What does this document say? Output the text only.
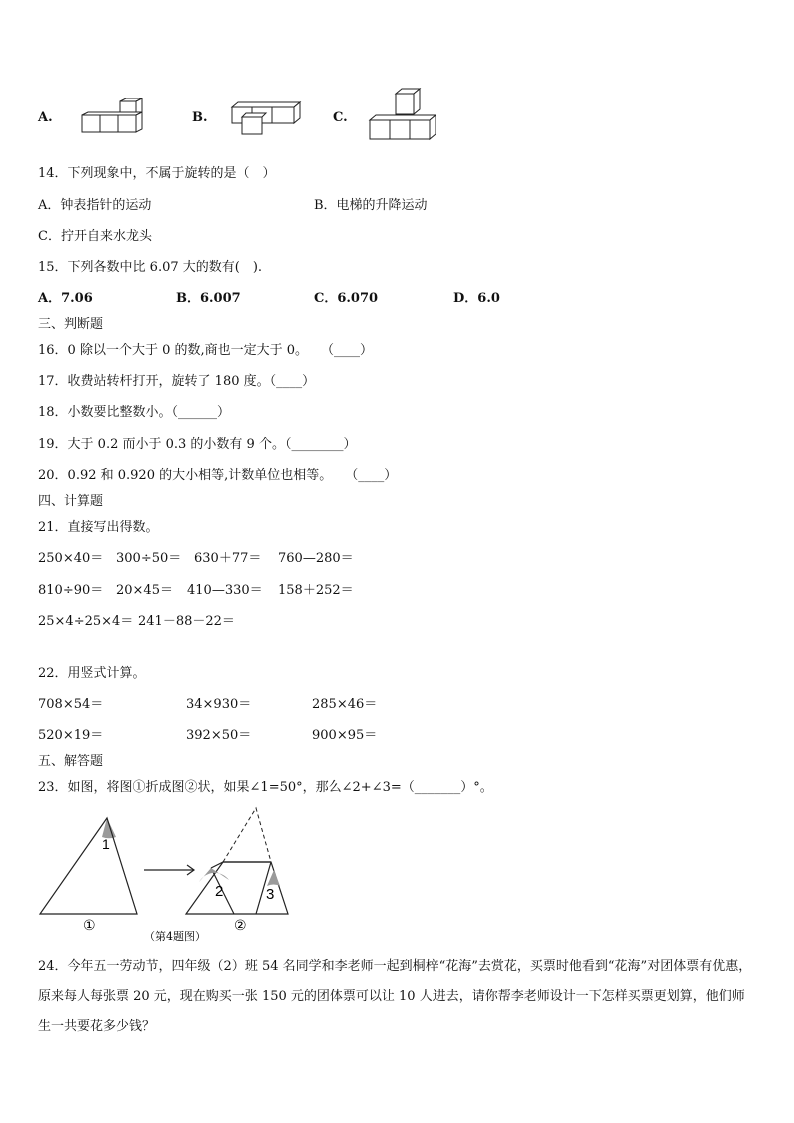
A.	B.	C.
14．下列现象中，不属于旋转的是（　）
A．钟表指针的运动	B．电梯的升降运动
C．拧开自来水龙头
15．下列各数中比 6.07 大的数有(　).
A．7.06	B．6.007	C．6.070	D．6.0
三、判断题
16．0 除以一个大于 0 的数,商也一定大于 0。　　（____）
17．收费站转杆打开，旋转了 180 度。（____）
18．小数要比整数小。（______）
19．大于 0.2 而小于 0.3 的小数有 9 个。（________）
20．0.92 和 0.920 的大小相等,计数单位也相等。　　（____）
四、计算题
21．直接写出得数。
250×40＝ 300÷50＝ 630＋77＝ 760—280＝
810÷90＝ 20×45＝ 410—330＝ 158＋252＝
25×4÷25×4＝ 241－88－22＝
22．用竖式计算。
708×54＝	34×930＝	285×46＝
520×19＝	392×50＝	900×95＝
五、解答题
23．如图，将图①折成图②状，如果∠1=50°，那么∠2+∠3=（_______）°。
1
2	3
①
（第4题图）
②
24．今年五一劳动节，四年级（2）班 54 名同学和李老师一起到桐梓“花海”去赏花，买票时他看到“花海”对团体票有优惠，原来每人每张票 20 元，现在购买一张 150 元的团体票可以让 10 人进去，请你帮李老师设计一下怎样买票更划算，他们师生一共要花多少钱？
